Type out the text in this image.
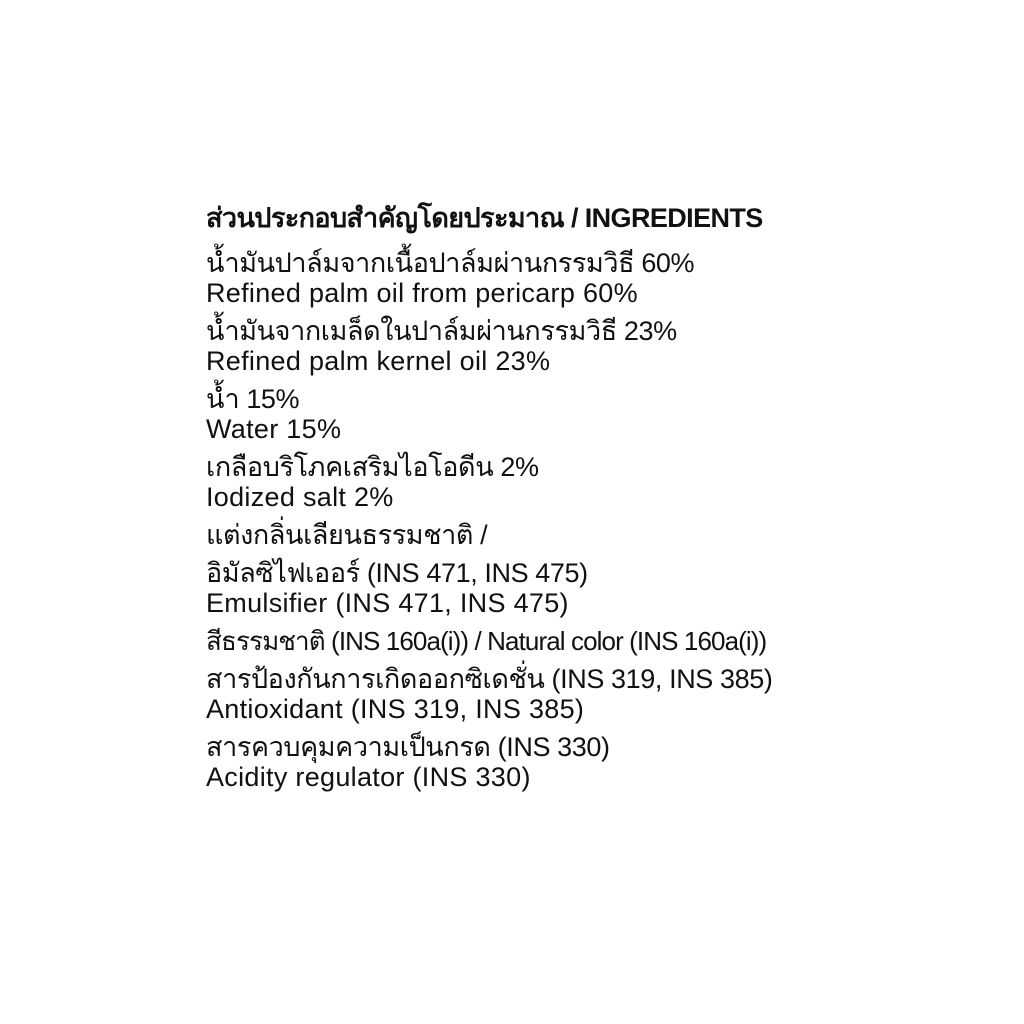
ส่วนประกอบสำคัญโดยประมาณ / INGREDIENTS

น้ำมันปาล์มจากเนื้อปาล์มผ่านกรรมวิธี 60%

Refined palm oil from pericarp 60%

น้ำมันจากเมล็ดในปาล์มผ่านกรรมวิธี 23%

Refined palm kernel oil 23%

น้ำ 15%

Water 15%

เกลือบริโภคเสริมไอโอดีน 2%

Iodized salt 2%

แต่งกลิ่นเลียนธรรมชาติ /

อิมัลซิไฟเออร์ (INS 471, INS 475)

Emulsifier (INS 471, INS 475)

สีธรรมชาติ (INS 160a(i)) / Natural color (INS 160a(i))

สารป้องกันการเกิดออกซิเดชั่น (INS 319, INS 385)

Antioxidant (INS 319, INS 385)

สารควบคุมความเป็นกรด (INS 330)

Acidity regulator (INS 330)
